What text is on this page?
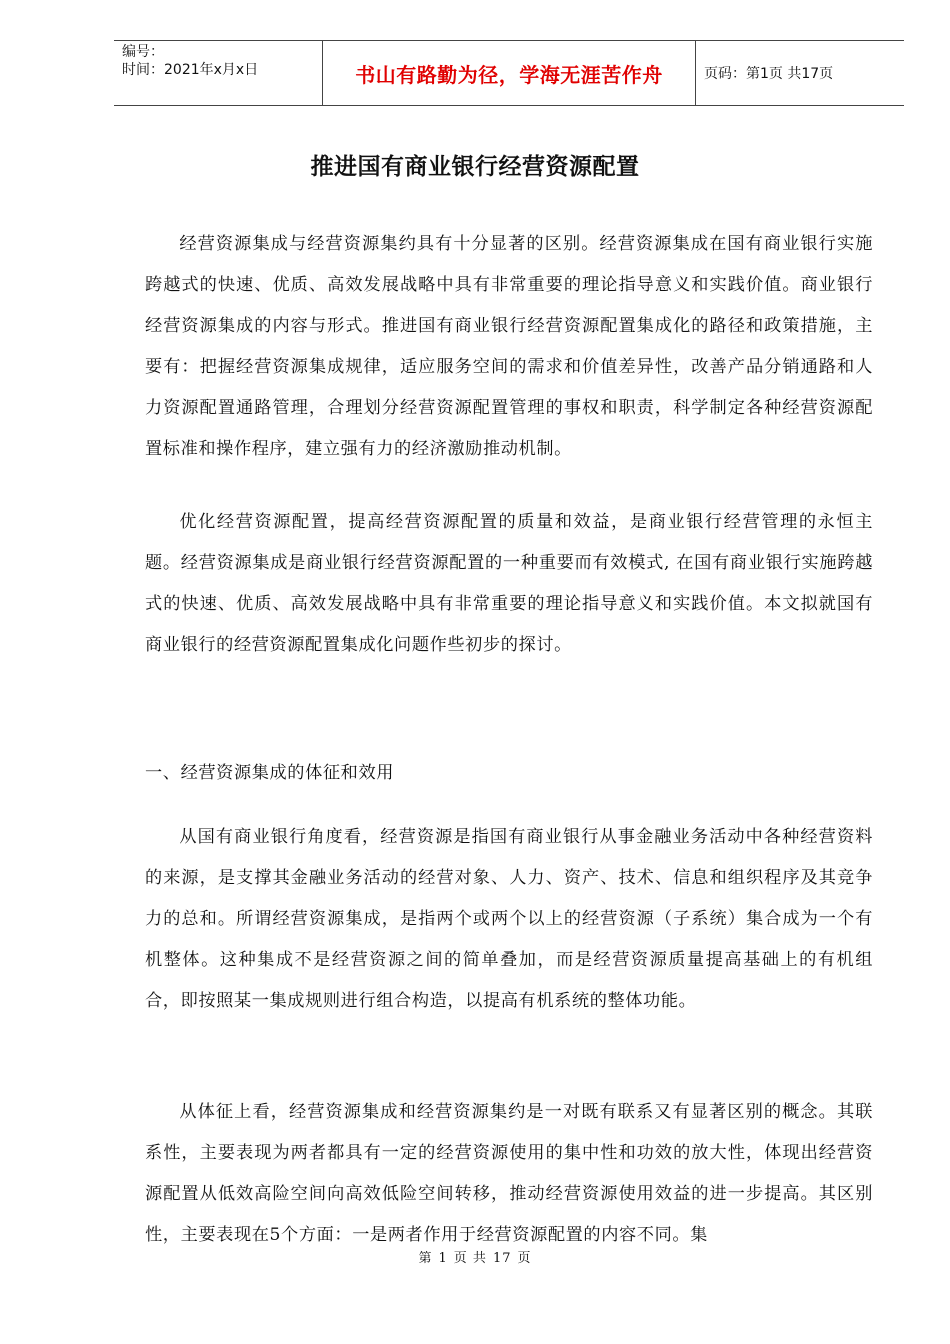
编号：
时间：2021年x月x日	书山有路勤为径，学海无涯苦作舟	页码：第1页 共17页
推进国有商业银行经营资源配置

经营资源集成与经营资源集约具有十分显著的区别。经营资源集成在国有商业银行实施跨越式的快速、优质、高效发展战略中具有非常重要的理论指导意义和实践价值。商业银行经营资源集成的内容与形式。推进国有商业银行经营资源配置集成化的路径和政策措施，主要有：把握经营资源集成规律，适应服务空间的需求和价值差异性，改善产品分销通路和人力资源配置通路管理，合理划分经营资源配置管理的事权和职责，科学制定各种经营资源配置标准和操作程序，建立强有力的经济激励推动机制。

优化经营资源配置，提高经营资源配置的质量和效益，是商业银行经营管理的永恒主题。经营资源集成是商业银行经营资源配置的一种重要而有效模式, 在国有商业银行实施跨越式的快速、优质、高效发展战略中具有非常重要的理论指导意义和实践价值。本文拟就国有商业银行的经营资源配置集成化问题作些初步的探讨。

一、经营资源集成的体征和效用

从国有商业银行角度看，经营资源是指国有商业银行从事金融业务活动中各种经营资料的来源，是支撑其金融业务活动的经营对象、人力、资产、技术、信息和组织程序及其竞争力的总和。所谓经营资源集成，是指两个或两个以上的经营资源（子系统）集合成为一个有机整体。这种集成不是经营资源之间的简单叠加，而是经营资源质量提高基础上的有机组合，即按照某一集成规则进行组合构造，以提高有机系统的整体功能。

从体征上看，经营资源集成和经营资源集约是一对既有联系又有显著区别的概念。其联系性，主要表现为两者都具有一定的经营资源使用的集中性和功效的放大性，体现出经营资源配置从低效高险空间向高效低险空间转移，推动经营资源使用效益的进一步提高。其区别性，主要表现在5个方面：一是两者作用于经营资源配置的内容不同。集

第 1 页 共 17 页
